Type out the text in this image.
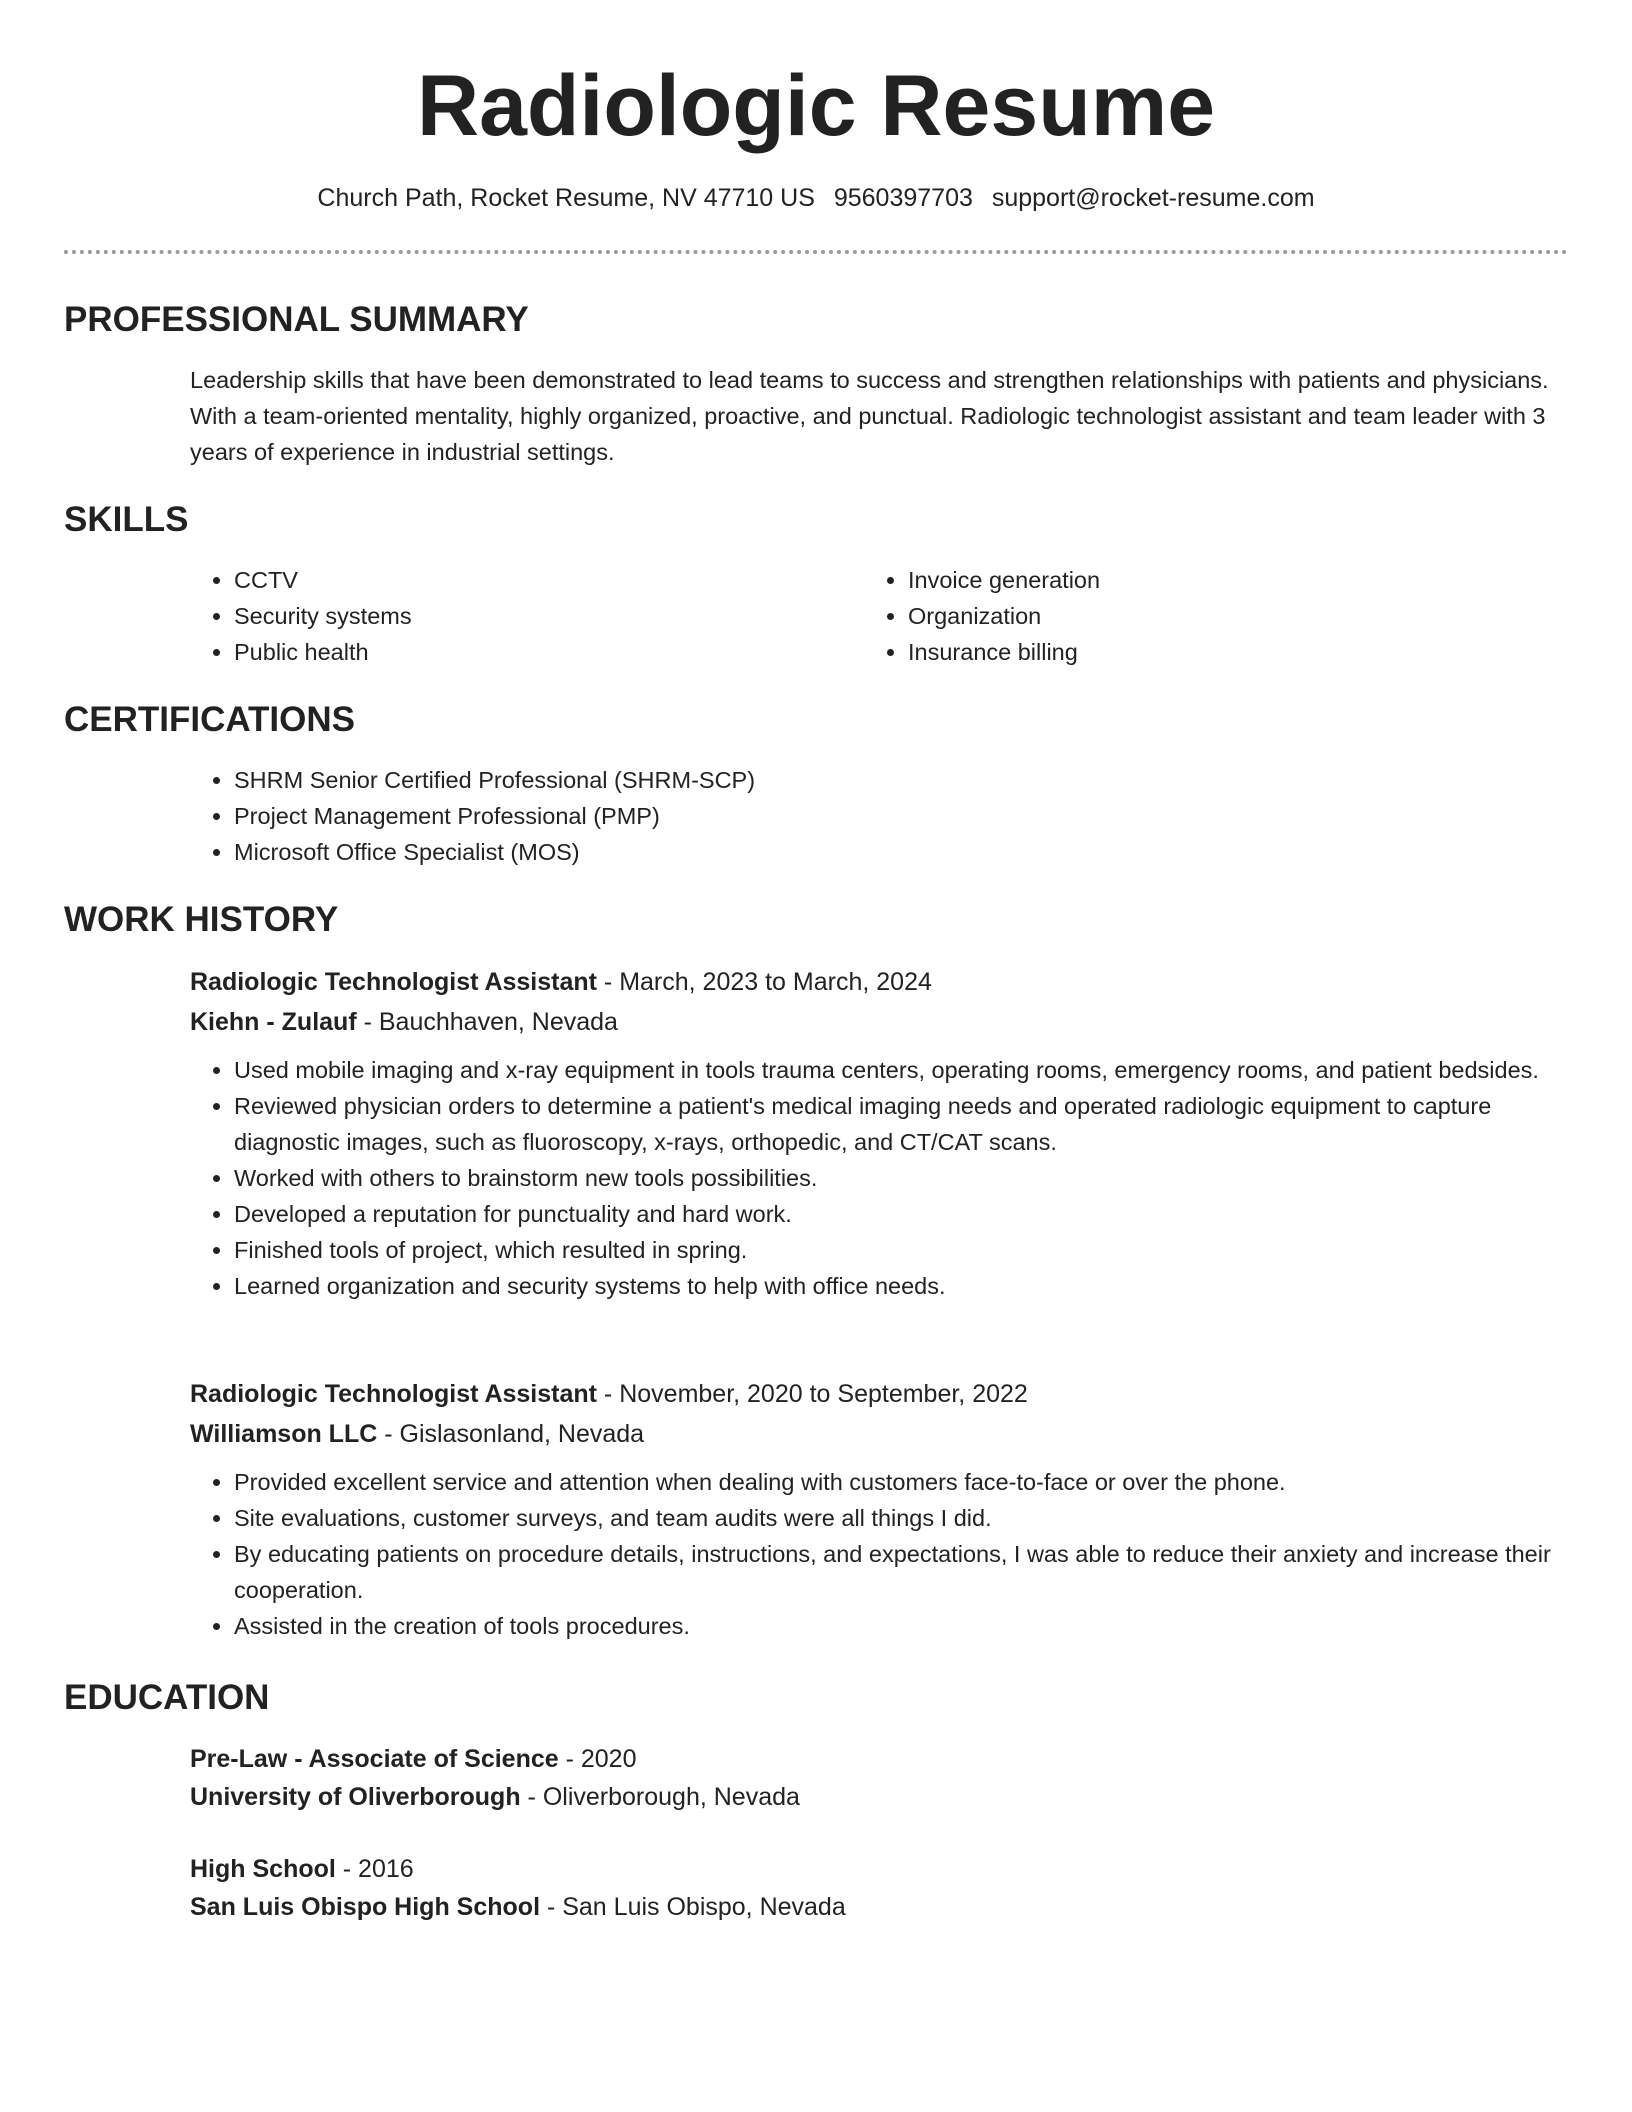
Radiologic Resume
Church Path, Rocket Resume, NV 47710 US 9560397703 support@rocket-resume.com
PROFESSIONAL SUMMARY

Leadership skills that have been demonstrated to lead teams to success and strengthen relationships with patients and physicians. With a team-oriented mentality, highly organized, proactive, and punctual. Radiologic technologist assistant and team leader with 3 years of experience in industrial settings.

SKILLS
• CCTV
• Security systems
• Public health
• Invoice generation
• Organization
• Insurance billing
CERTIFICATIONS
• SHRM Senior Certified Professional (SHRM-SCP)
• Project Management Professional (PMP)
• Microsoft Office Specialist (MOS)
WORK HISTORY

Radiologic Technologist Assistant - March, 2023 to March, 2024

Kiehn - Zulauf - Bauchhaven, Nevada

• Used mobile imaging and x-ray equipment in tools trauma centers, operating rooms, emergency rooms, and patient bedsides.
• Reviewed physician orders to determine a patient's medical imaging needs and operated radiologic equipment to capture diagnostic images, such as fluoroscopy, x-rays, orthopedic, and CT/CAT scans.
• Worked with others to brainstorm new tools possibilities.
• Developed a reputation for punctuality and hard work.
• Finished tools of project, which resulted in spring.
• Learned organization and security systems to help with office needs.

Radiologic Technologist Assistant - November, 2020 to September, 2022

Williamson LLC - Gislasonland, Nevada

• Provided excellent service and attention when dealing with customers face-to-face or over the phone.
• Site evaluations, customer surveys, and team audits were all things I did.
• By educating patients on procedure details, instructions, and expectations, I was able to reduce their anxiety and increase their cooperation.
• Assisted in the creation of tools procedures.
EDUCATION

Pre-Law - Associate of Science - 2020

University of Oliverborough - Oliverborough, Nevada

High School - 2016

San Luis Obispo High School - San Luis Obispo, Nevada
